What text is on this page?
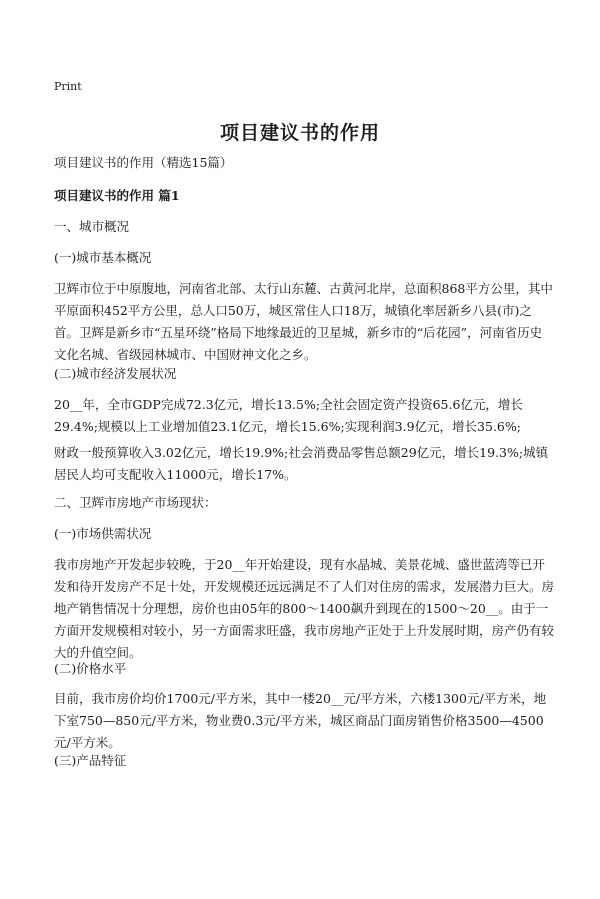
Print
项目建议书的作用

项目建议书的作用（精选15篇）

项目建议书的作用 篇1

一、城市概况

(一)城市基本概况

卫辉市位于中原腹地，河南省北部、太行山东麓、古黄河北岸，总面积868平方公里，其中平原面积452平方公里，总人口50万，城区常住人口18万，城镇化率居新乡八县(市)之首。卫辉是新乡市“五星环绕”格局下地缘最近的卫星城，新乡市的“后花园”，河南省历史文化名城、省级园林城市、中国财神文化之乡。

(二)城市经济发展状况

20__年，全市GDP完成72.3亿元，增长13.5%;全社会固定资产投资65.6亿元，增长29.4%;规模以上工业增加值23.1亿元，增长15.6%;实现利润3.9亿元，增长35.6%;

财政一般预算收入3.02亿元，增长19.9%;社会消费品零售总额29亿元，增长19.3%;城镇居民人均可支配收入11000元，增长17%。

二、卫辉市房地产市场现状：

(一)市场供需状况

我市房地产开发起步较晚，于20__年开始建设，现有水晶城、美景花城、盛世蓝湾等已开发和待开发房产不足十处，开发规模还远远满足不了人们对住房的需求，发展潜力巨大。房地产销售情况十分理想，房价也由05年的800～1400飙升到现在的1500～20__。由于一方面开发规模相对较小，另一方面需求旺盛，我市房地产正处于上升发展时期，房产仍有较大的升值空间。

(二)价格水平

目前，我市房价均价1700元/平方米，其中一楼20__元/平方米，六楼1300元/平方米，地下室750—850元/平方米，物业费0.3元/平方米，城区商品门面房销售价格3500—4500元/平方米。

(三)产品特征
